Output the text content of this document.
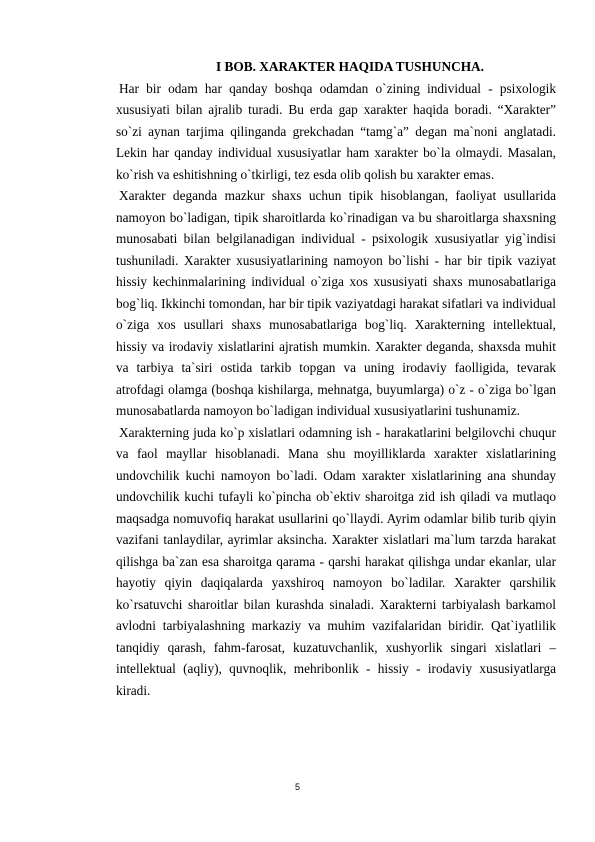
I BOB. XARAKTER HAQIDA TUSHUNCHA.

Har bir odam har qanday boshqa odamdan o`zining individual - psixologik xususiyati bilan ajralib turadi. Bu erda gap xarakter haqida boradi. “Xarakter” so`zi aynan tarjima qilinganda grekchadan “tamg`a” degan ma`noni anglatadi. Lekin har qanday individual xususiyatlar ham xarakter bo`la olmaydi. Masalan, ko`rish va eshitishning o`tkirligi, tez esda olib qolish bu xarakter emas.

Xarakter deganda mazkur shaxs uchun tipik hisoblangan, faoliyat usullarida namoyon bo`ladigan, tipik sharoitlarda ko`rinadigan va bu sharoitlarga shaxsning munosabati bilan belgilanadigan individual - psixologik xususiyatlar yig`indisi tushuniladi. Xarakter xususiyatlarining namoyon bo`lishi - har bir tipik vaziyat hissiy kechinmalarining individual o`ziga xos xususiyati shaxs munosabatlariga bog`liq. Ikkinchi tomondan, har bir tipik vaziyatdagi harakat sifatlari va individual o`ziga xos usullari shaxs munosabatlariga bog`liq. Xarakterning intellektual, hissiy va irodaviy xislatlarini ajratish mumkin. Xarakter deganda, shaxsda muhit va tarbiya ta`siri ostida tarkib topgan va uning irodaviy faolligida, tevarak atrofdagi olamga (boshqa kishilarga, mehnatga, buyumlarga) o`z - o`ziga bo`lgan munosabatlarda namoyon bo`ladigan individual xususiyatlarini tushunamiz.

Xarakterning juda ko`p xislatlari odamning ish - harakatlarini belgilovchi chuqur va faol mayllar hisoblanadi. Mana shu moyilliklarda xarakter xislatlarining undovchilik kuchi namoyon bo`ladi. Odam xarakter xislatlarining ana shunday undovchilik kuchi tufayli ko`pincha ob`ektiv sharoitga zid ish qiladi va mutlaqo maqsadga nomuvofiq harakat usullarini qo`llaydi. Ayrim odamlar bilib turib qiyin vazifani tanlaydilar, ayrimlar aksincha. Xarakter xislatlari ma`lum tarzda harakat qilishga ba`zan esa sharoitga qarama - qarshi harakat qilishga undar ekanlar, ular hayotiy qiyin daqiqalarda yaxshiroq namoyon bo`ladilar. Xarakter qarshilik ko`rsatuvchi sharoitlar bilan kurashda sinaladi. Xarakterni tarbiyalash barkamol avlodni tarbiyalashning markaziy va muhim vazifalaridan biridir. Qat`iyatlilik tanqidiy qarash, fahm-farosat, kuzatuvchanlik, xushyorlik singari xislatlari – intellektual (aqliy), quvnoqlik, mehribonlik - hissiy - irodaviy xususiyatlarga kiradi.

5
